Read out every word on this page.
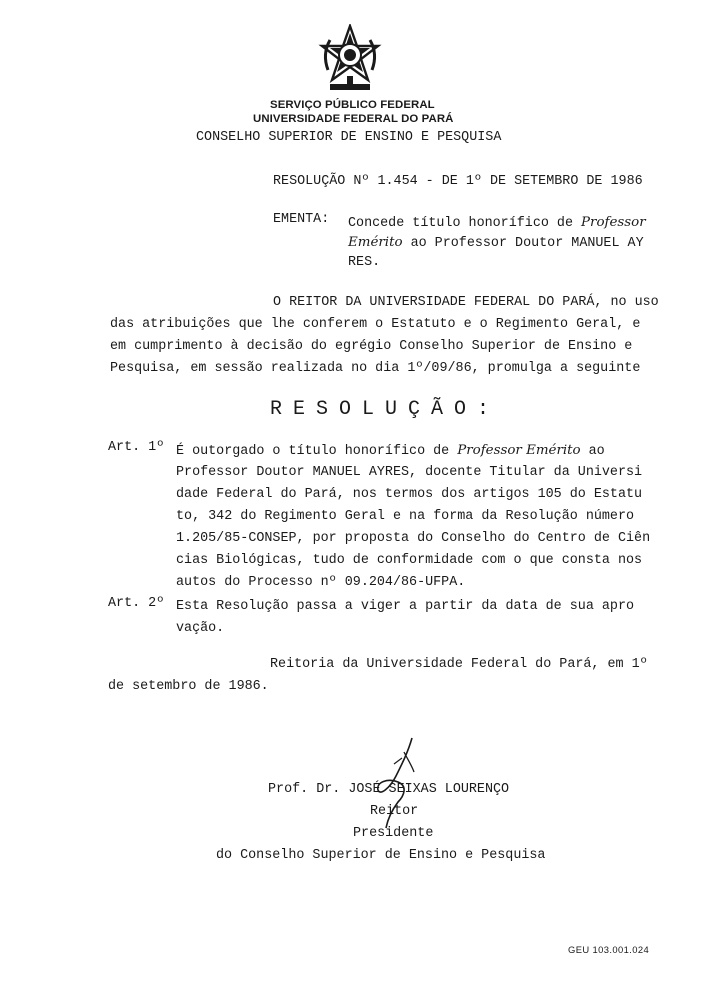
SERVIÇO PÚBLICO FEDERAL
UNIVERSIDADE FEDERAL DO PARÁ
CONSELHO SUPERIOR DE ENSINO E PESQUISA
RESOLUÇÃO Nº 1.454 - DE 1º DE SETEMBRO DE 1986
EMENTA: Concede título honorífico de Professor
Emérito ao Professor Doutor MANUEL AY
RES.
O REITOR DA UNIVERSIDADE FEDERAL DO PARÁ, no uso
das atribuições que lhe conferem o Estatuto e o Regimento Geral, e
em cumprimento à decisão do egrégio Conselho Superior de Ensino e
Pesquisa, em sessão realizada no dia 1º/09/86, promulga a seguinte
RESOLUÇÃO:
Art. 1º É outorgado o título honorífico de Professor Emérito ao
Professor Doutor MANUEL AYRES, docente Titular da Universi
dade Federal do Pará, nos termos dos artigos 105 do Estatu
to, 342 do Regimento Geral e na forma da Resolução número
1.205/85-CONSEP, por proposta do Conselho do Centro de Ciên
cias Biológicas, tudo de conformidade com o que consta nos
autos do Processo nº 09.204/86-UFPA.
Art. 2º Esta Resolução passa a viger a partir da data de sua apro
vação.
Reitoria da Universidade Federal do Pará, em 1º
de setembro de 1986.
Prof. Dr. JOSÉ SEIXAS LOURENÇO
Reitor
Presidente
do Conselho Superior de Ensino e Pesquisa
GEU 103.001.024
